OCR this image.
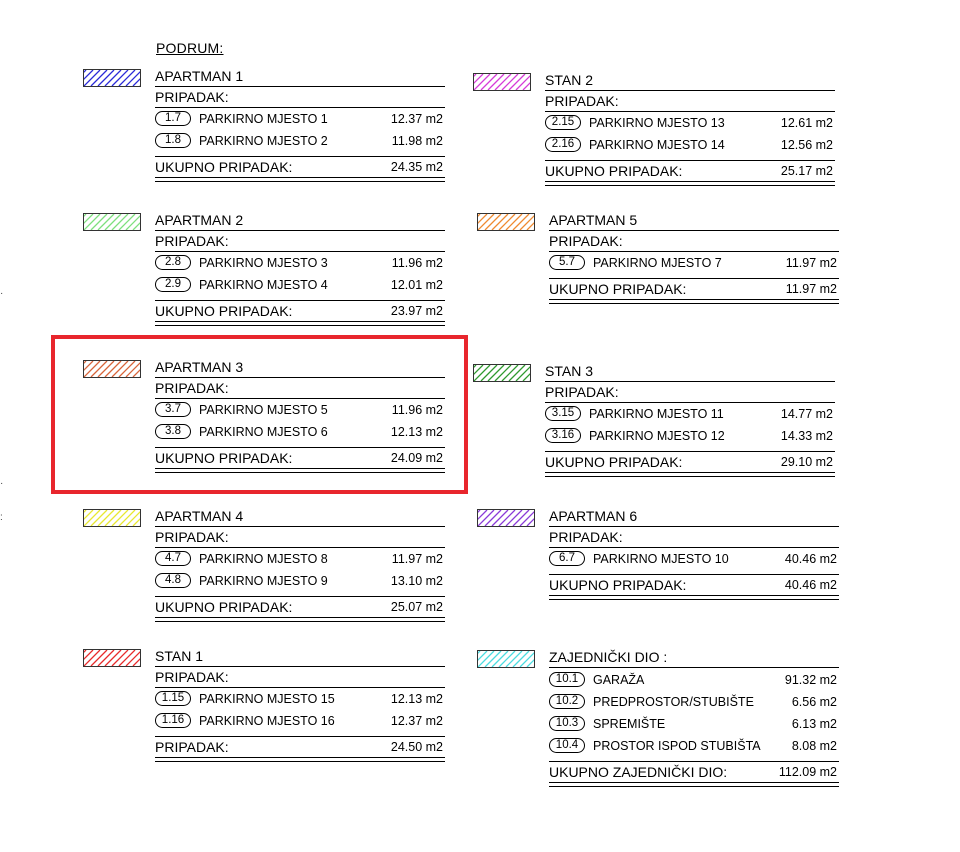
PODRUM:
APARTMAN 1
PRIPADAK:
1.7	PARKIRNO MJESTO 1	12.37 m2
1.8	PARKIRNO MJESTO 2	11.98 m2
UKUPNO PRIPADAK:	24.35 m2
STAN 2
PRIPADAK:
2.15	PARKIRNO MJESTO 13	12.61 m2
2.16	PARKIRNO MJESTO 14	12.56 m2
UKUPNO PRIPADAK:	25.17 m2
APARTMAN 2
PRIPADAK:
2.8	PARKIRNO MJESTO 3	11.96 m2
2.9	PARKIRNO MJESTO 4	12.01 m2
UKUPNO PRIPADAK:	23.97 m2
APARTMAN 5
PRIPADAK:
5.7	PARKIRNO MJESTO 7	11.97 m2
UKUPNO PRIPADAK:	11.97 m2
APARTMAN 3
PRIPADAK:
3.7	PARKIRNO MJESTO 5	11.96 m2
3.8	PARKIRNO MJESTO 6	12.13 m2
UKUPNO PRIPADAK:	24.09 m2
STAN 3
PRIPADAK:
3.15	PARKIRNO MJESTO 11	14.77 m2
3.16	PARKIRNO MJESTO 12	14.33 m2
UKUPNO PRIPADAK:	29.10 m2
APARTMAN 4
PRIPADAK:
4.7	PARKIRNO MJESTO 8	11.97 m2
4.8	PARKIRNO MJESTO 9	13.10 m2
UKUPNO PRIPADAK:	25.07 m2
APARTMAN 6
PRIPADAK:
6.7	PARKIRNO MJESTO 10	40.46 m2
UKUPNO PRIPADAK:	40.46 m2
STAN 1
PRIPADAK:
1.15	PARKIRNO MJESTO 15	12.13 m2
1.16	PARKIRNO MJESTO 16	12.37 m2
PRIPADAK:	24.50 m2
ZAJEDNIČKI DIO :
10.1	GARAŽA	91.32 m2
10.2	PREDPROSTOR/STUBIŠTE	6.56 m2
10.3	SPREMIŠTE	6.13 m2
10.4	PROSTOR ISPOD STUBIŠTA 8.08 m2
UKUPNO ZAJEDNIČKI DIO:	112.09 m2
·
·
:
